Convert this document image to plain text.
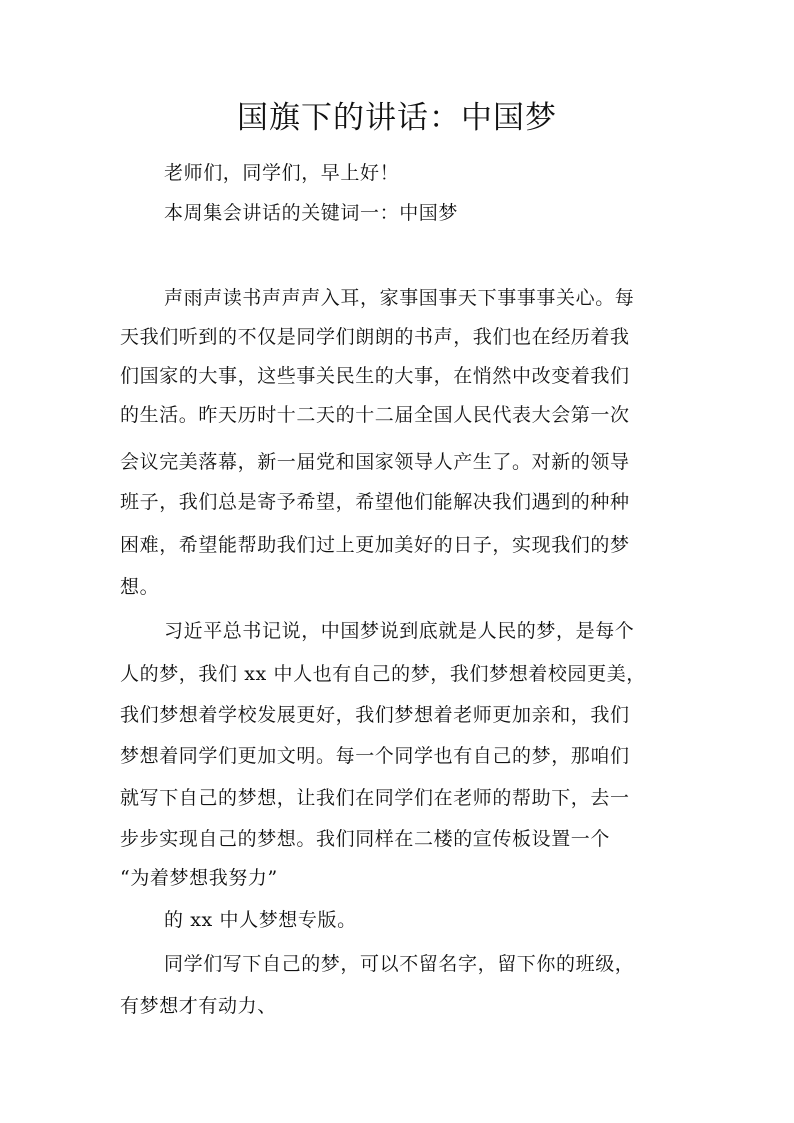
国旗下的讲话：中国梦
老师们，同学们，早上好！
本周集会讲话的关键词一：中国梦
声雨声读书声声声入耳，家事国事天下事事事关心。每
天我们听到的不仅是同学们朗朗的书声，我们也在经历着我
们国家的大事，这些事关民生的大事，在悄然中改变着我们
的生活。昨天历时十二天的十二届全国人民代表大会第一次
会议完美落幕，新一届党和国家领导人产生了。对新的领导
班子，我们总是寄予希望，希望他们能解决我们遇到的种种
困难，希望能帮助我们过上更加美好的日子，实现我们的梦
想。
习近平总书记说，中国梦说到底就是人民的梦，是每个
人的梦，我们 xx 中人也有自己的梦，我们梦想着校园更美，
我们梦想着学校发展更好，我们梦想着老师更加亲和，我们
梦想着同学们更加文明。每一个同学也有自己的梦，那咱们
就写下自己的梦想，让我们在同学们在老师的帮助下，去一
步步实现自己的梦想。我们同样在二楼的宣传板设置一个
“为着梦想我努力”
的 xx 中人梦想专版。
同学们写下自己的梦，可以不留名字，留下你的班级，
有梦想才有动力、
